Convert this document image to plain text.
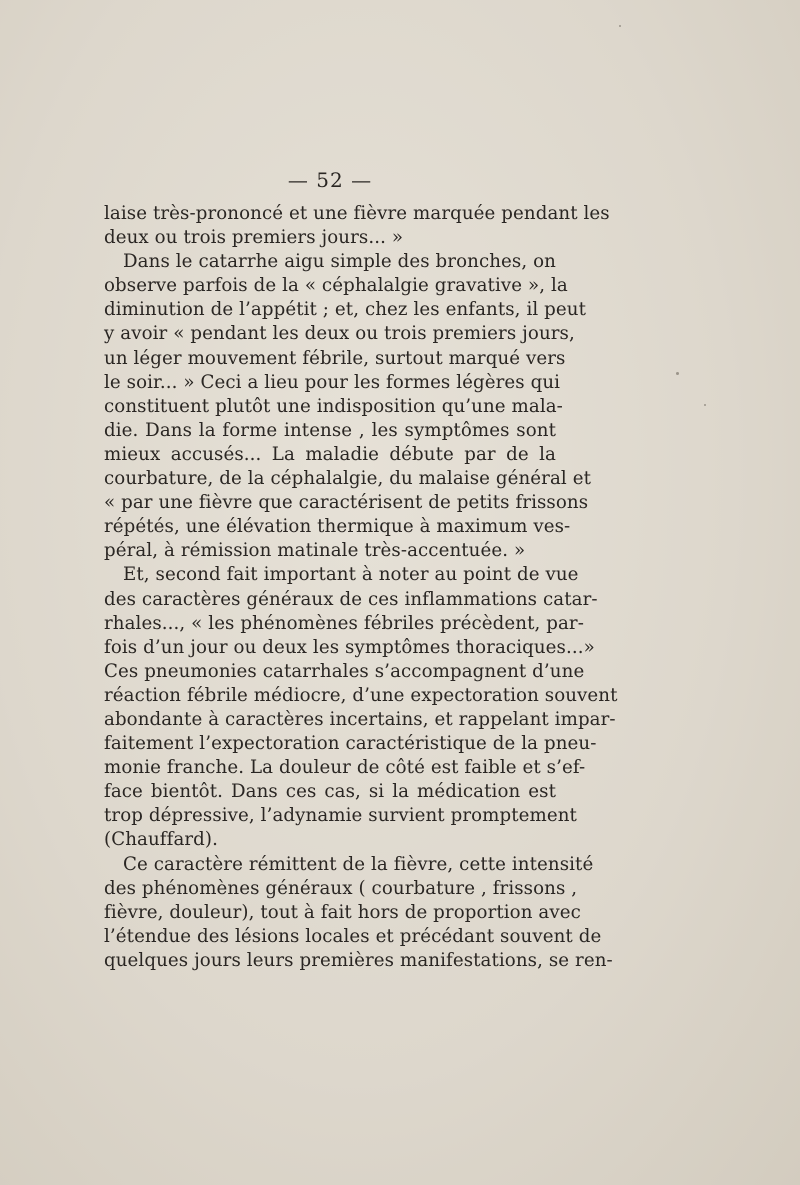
— 52 —
laise très-prononcé et une fièvre marquée pendant les
deux ou trois premiers jours... »
Dans le catarrhe aigu simple des bronches, on
observe parfois de la « céphalalgie gravative », la
diminution de l’appétit ; et, chez les enfants, il peut
y avoir « pendant les deux ou trois premiers jours,
un léger mouvement fébrile, surtout marqué vers
le soir... » Ceci a lieu pour les formes légères qui
constituent plutôt une indisposition qu’une mala-
die. Dans la forme intense , les symptômes sont
mieux accusés... La maladie débute par de la
courbature, de la céphalalgie, du malaise général et
« par une fièvre que caractérisent de petits frissons
répétés, une élévation thermique à maximum ves-
péral, à rémission matinale très-accentuée. »
Et, second fait important à noter au point de vue
des caractères généraux de ces inflammations catar-
rhales..., « les phénomènes fébriles précèdent, par-
fois d’un jour ou deux les symptômes thoraciques...»
Ces pneumonies catarrhales s’accompagnent d’une
réaction fébrile médiocre, d’une expectoration souvent
abondante à caractères incertains, et rappelant impar-
faitement l’expectoration caractéristique de la pneu-
monie franche. La douleur de côté est faible et s’ef-
face bientôt. Dans ces cas, si la médication est
trop dépressive, l’adynamie survient promptement
(Chauffard).
Ce caractère rémittent de la fièvre, cette intensité
des phénomènes généraux ( courbature , frissons ,
fièvre, douleur), tout à fait hors de proportion avec
l’étendue des lésions locales et précédant souvent de
quelques jours leurs premières manifestations, se ren-
